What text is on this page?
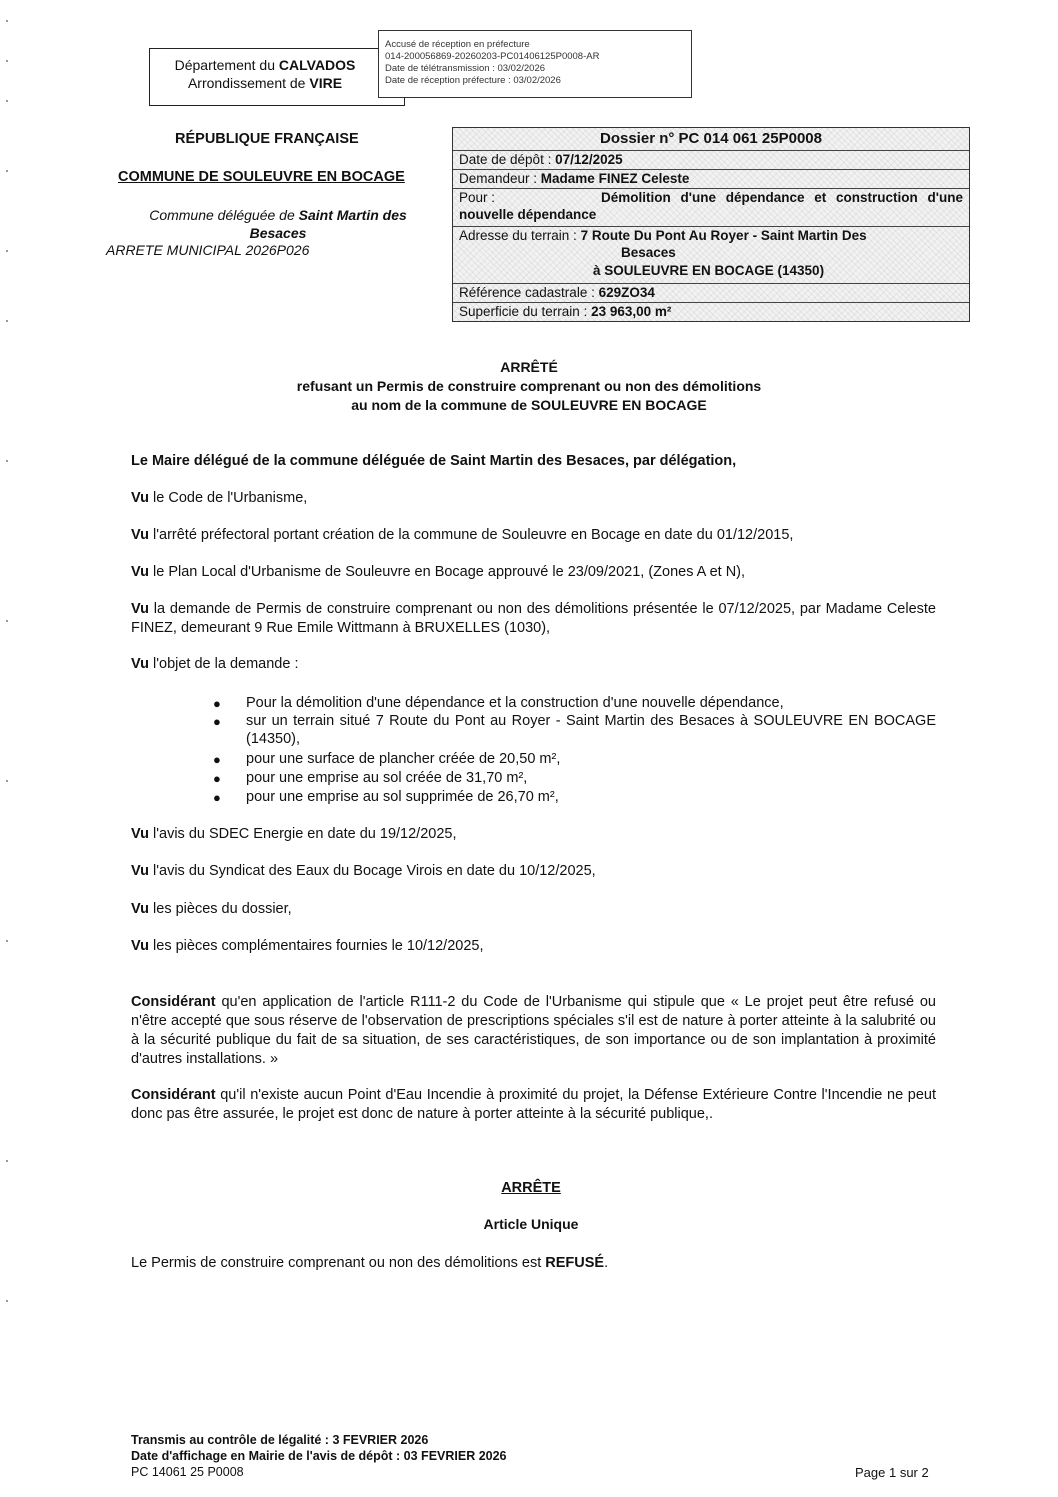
Département du CALVADOS
Arrondissement de VIRE
Accusé de réception en préfecture
014-200056869-20260203-PC01406125P0008-AR
Date de télétransmission : 03/02/2026
Date de réception préfecture : 03/02/2026
RÉPUBLIQUE FRANÇAISE
COMMUNE DE SOULEUVRE EN BOCAGE
Commune déléguée de Saint Martin des
Besaces
ARRETE MUNICIPAL 2026P026
Dossier n° PC 014 061 25P0008
Date de dépôt : 07/12/2025
Demandeur : Madame FINEZ Celeste
Pour :	Démolition d'une dépendance et construction d'une
nouvelle dépendance
Adresse du terrain : 7 Route Du Pont Au Royer - Saint Martin Des
Besaces
à SOULEUVRE EN BOCAGE (14350)
Référence cadastrale : 629ZO34
Superficie du terrain : 23 963,00 m²
ARRÊTÉ
refusant un Permis de construire comprenant ou non des démolitions
au nom de la commune de SOULEUVRE EN BOCAGE
Le Maire délégué de la commune déléguée de Saint Martin des Besaces, par délégation,
Vu le Code de l'Urbanisme,
Vu l'arrêté préfectoral portant création de la commune de Souleuvre en Bocage en date du 01/12/2015,
Vu le Plan Local d'Urbanisme de Souleuvre en Bocage approuvé le 23/09/2021, (Zones A et N),
Vu la demande de Permis de construire comprenant ou non des démolitions présentée le 07/12/2025, par Madame Celeste FINEZ, demeurant 9 Rue Emile Wittmann à BRUXELLES (1030),
Vu l'objet de la demande :
● Pour la démolition d'une dépendance et la construction d'une nouvelle dépendance,
● sur un terrain situé 7 Route du Pont au Royer - Saint Martin des Besaces à SOULEUVRE EN BOCAGE (14350),
● pour une surface de plancher créée de 20,50 m²,
● pour une emprise au sol créée de 31,70 m²,
● pour une emprise au sol supprimée de 26,70 m²,
Vu l'avis du SDEC Energie en date du 19/12/2025,
Vu l'avis du Syndicat des Eaux du Bocage Virois en date du 10/12/2025,
Vu les pièces du dossier,
Vu les pièces complémentaires fournies le 10/12/2025,
Considérant qu'en application de l'article R111-2 du Code de l'Urbanisme qui stipule que « Le projet peut être refusé ou n'être accepté que sous réserve de l'observation de prescriptions spéciales s'il est de nature à porter atteinte à la salubrité ou à la sécurité publique du fait de sa situation, de ses caractéristiques, de son importance ou de son implantation à proximité d'autres installations. »
Considérant qu'il n'existe aucun Point d'Eau Incendie à proximité du projet, la Défense Extérieure Contre l'Incendie ne peut donc pas être assurée, le projet est donc de nature à porter atteinte à la sécurité publique,.
ARRÊTE
Article Unique
Le Permis de construire comprenant ou non des démolitions est REFUSÉ.
Transmis au contrôle de légalité : 3 FEVRIER 2026
Date d'affichage en Mairie de l'avis de dépôt : 03 FEVRIER 2026
PC 14061 25 P0008	Page 1 sur 2
